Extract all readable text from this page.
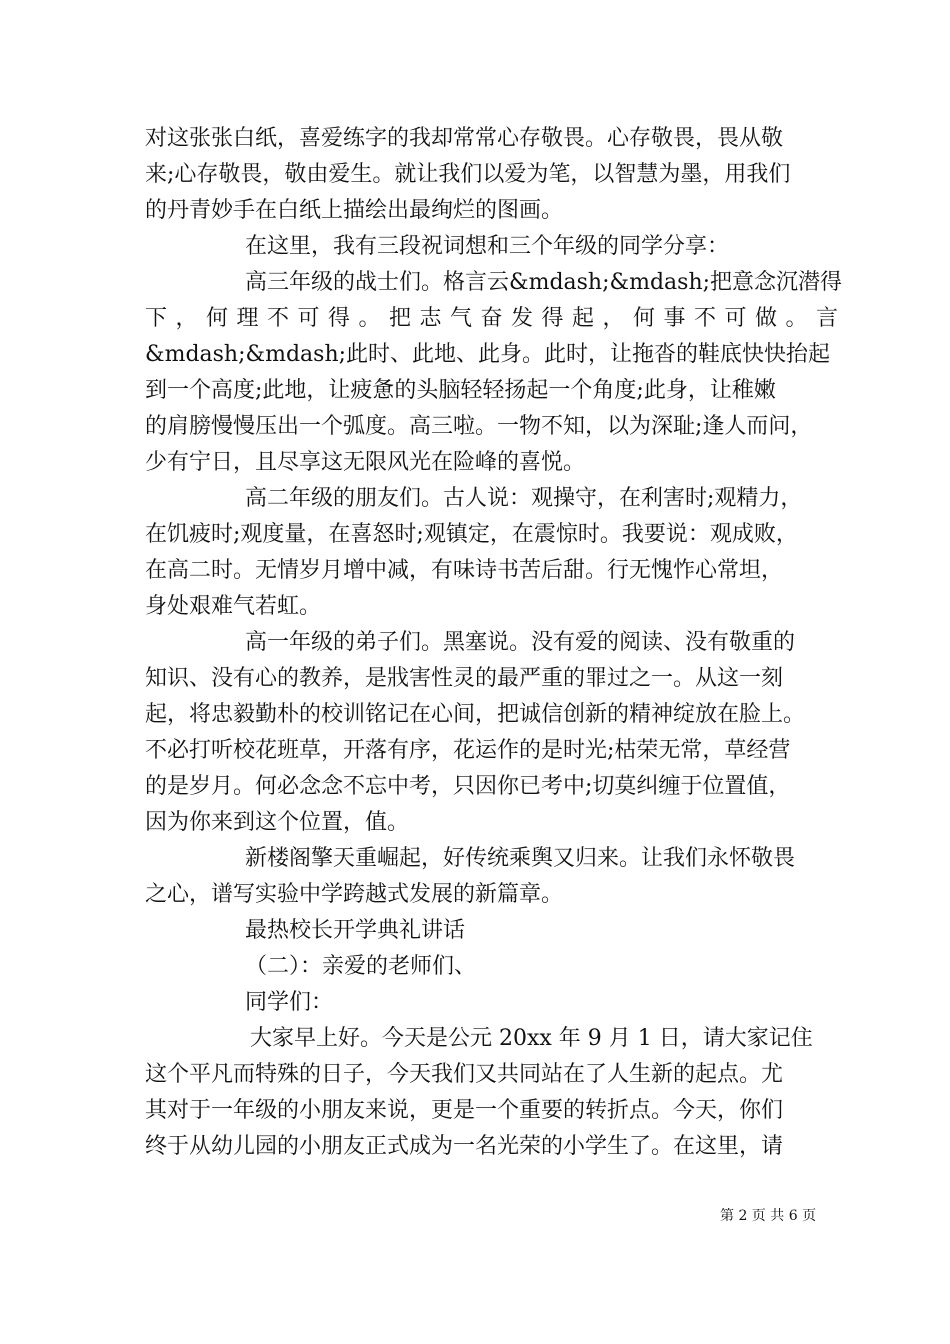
对这张张白纸，喜爱练字的我却常常心存敬畏。心存敬畏，畏从敬
来;心存敬畏，敬由爱生。就让我们以爱为笔，以智慧为墨，用我们
的丹青妙手在白纸上描绘出最绚烂的图画。
在这里，我有三段祝词想和三个年级的同学分享：
高三年级的战士们。格言云&mdash;&mdash;把意念沉潜得
下，何理不可得。把志气奋发得起，何事不可做。言
&mdash;&mdash;此时、此地、此身。此时，让拖沓的鞋底快快抬起
到一个高度;此地，让疲惫的头脑轻轻扬起一个角度;此身，让稚嫩
的肩膀慢慢压出一个弧度。高三啦。一物不知，以为深耻;逢人而问，
少有宁日，且尽享这无限风光在险峰的喜悦。
高二年级的朋友们。古人说：观操守，在利害时;观精力，
在饥疲时;观度量，在喜怒时;观镇定，在震惊时。我要说：观成败，
在高二时。无情岁月增中减，有味诗书苦后甜。行无愧怍心常坦，
身处艰难气若虹。
高一年级的弟子们。黑塞说。没有爱的阅读、没有敬重的
知识、没有心的教养，是戕害性灵的最严重的罪过之一。从这一刻
起，将忠毅勤朴的校训铭记在心间，把诚信创新的精神绽放在脸上。
不必打听校花班草，开落有序，花运作的是时光;枯荣无常，草经营
的是岁月。何必念念不忘中考，只因你已考中;切莫纠缠于位置值，
因为你来到这个位置，值。
新楼阁擎天重崛起，好传统乘舆又归来。让我们永怀敬畏
之心，谱写实验中学跨越式发展的新篇章。
最热校长开学典礼讲话
（二）：亲爱的老师们、
同学们：
大家早上好。今天是公元 20xx 年 9 月 1 日，请大家记住
这个平凡而特殊的日子，今天我们又共同站在了人生新的起点。尤
其对于一年级的小朋友来说，更是一个重要的转折点。今天，你们
终于从幼儿园的小朋友正式成为一名光荣的小学生了。在这里，请
第 2 页 共 6 页
